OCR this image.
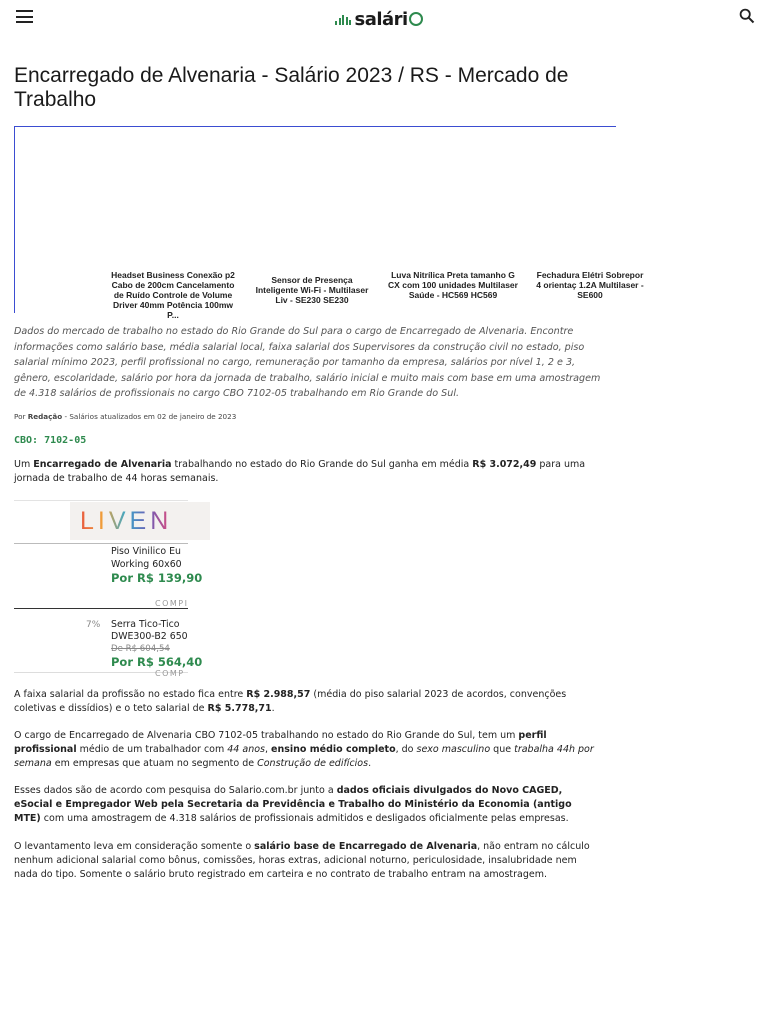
salári
Encarregado de Alvenaria - Salário 2023 / RS - Mercado de Trabalho
Headset Business Conexão p2 Cabo de 200cm Cancelamento de Ruído Controle de Volume Driver 40mm Potência 100mw P...
Sensor de Presença Inteligente Wi-Fi - Multilaser Liv - SE230 SE230
Luva Nitrílica Preta tamanho G CX com 100 unidades Multilaser Saúde - HC569 HC569
Fechadura Elétri Sobrepor 4 orientaç 1.2A Multilaser - SE600

Dados do mercado de trabalho no estado do Rio Grande do Sul para o cargo de Encarregado de Alvenaria. Encontre informações como salário base, média salarial local, faixa salarial dos Supervisores da construção civil no estado, piso salarial mínimo 2023, perfil profissional no cargo, remuneração por tamanho da empresa, salários por nível 1, 2 e 3, gênero, escolaridade, salário por hora da jornada de trabalho, salário inicial e muito mais com base em uma amostragem de 4.318 salários de profissionais no cargo CBO 7102-05 trabalhando em Rio Grande do Sul.

Por Redação - Salários atualizados em 02 de janeiro de 2023
CBO: 7102-05

Um Encarregado de Alvenaria trabalhando no estado do Rio Grande do Sul ganha em média R$ 3.072,49 para uma jornada de trabalho de 44 horas semanais.

LIVEN
Piso Vinilico Eu
Working 60x60
Por R$ 139,90
COMPI
7% Serra Tico-Tico
DWE300-B2 650
De R$ 604,54
Por R$ 564,40
COMP

A faixa salarial da profissão no estado fica entre R$ 2.988,57 (média do piso salarial 2023 de acordos, convenções coletivas e dissídios) e o teto salarial de R$ 5.778,71.

O cargo de Encarregado de Alvenaria CBO 7102-05 trabalhando no estado do Rio Grande do Sul, tem um perfil profissional médio de um trabalhador com 44 anos, ensino médio completo, do sexo masculino que trabalha 44h por semana em empresas que atuam no segmento de Construção de edifícios.

Esses dados são de acordo com pesquisa do Salario.com.br junto a dados oficiais divulgados do Novo CAGED, eSocial e Empregador Web pela Secretaria da Previdência e Trabalho do Ministério da Economia (antigo MTE) com uma amostragem de 4.318 salários de profissionais admitidos e desligados oficialmente pelas empresas.

O levantamento leva em consideração somente o salário base de Encarregado de Alvenaria, não entram no cálculo nenhum adicional salarial como bônus, comissões, horas extras, adicional noturno, periculosidade, insalubridade nem nada do tipo. Somente o salário bruto registrado em carteira e no contrato de trabalho entram na amostragem.
